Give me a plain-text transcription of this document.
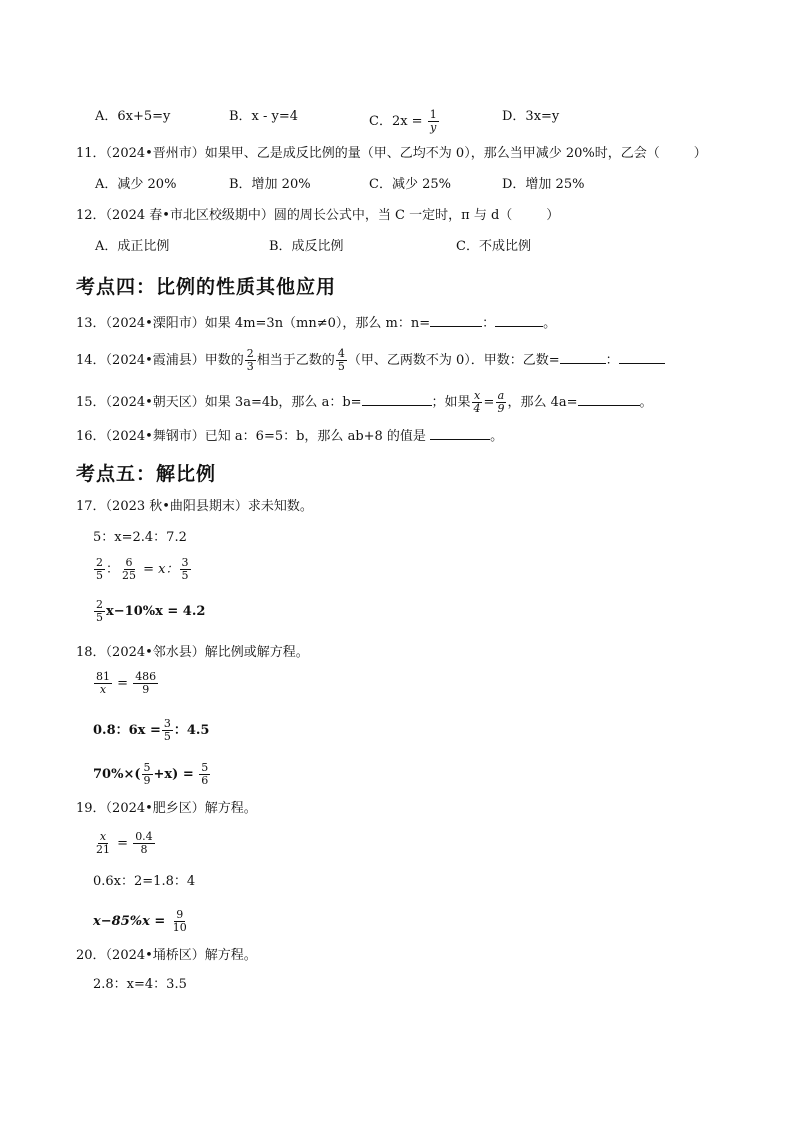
A．6x+5=y	B．x - y=4	C．$2x = \frac{1}{y}$	D．3x=y
11．（2024•晋州市）如果甲、乙是成反比例的量（甲、乙均不为 0），那么当甲减少 20%时，乙会（	）
A．减少 20%	B．增加 20%	C．减少 25%	D．增加 25%
12．（2024 春•市北区校级期中）圆的周长公式中，当 C 一定时，π 与 d（	）
A．成正比例	B．成反比例	C．不成比例
考点四：比例的性质其他应用
13．（2024•溧阳市）如果 4m=3n（mn≠0），那么 m：n=	：	。
14．（2024•霞浦县）甲数的 $\frac{2}{3}$ 相当于乙数的 $\frac{4}{5}$ （甲、乙两数不为 0）．甲数：乙数=	：
15．（2024•朝天区）如果 3a=4b，那么 a：b=	；如果 $\frac{x}{4} = \frac{a}{9}$ ，那么 4a=	。
16．（2024•舞钢市）已知 a：6=5：b，那么 ab+8 的值是	。
考点五：解比例
17．（2023 秋•曲阳县期末）求未知数。
5：x=2.4：7.2
$\frac{2}{5}$ ： $\frac{6}{25} = x$： $\frac{3}{5}$
$\frac{2}{5} x-10\%x = 4.2$
18．（2024•邻水县）解比例或解方程。
$\frac{81}{x} = \frac{486}{9}$
0.8：$6x = \frac{3}{5}$ ：4.5
$70\%\times( \frac{5}{9} +x) = \frac{5}{6}$
19．（2024•肥乡区）解方程。
$\frac{x}{21} = \frac{0.4}{8}$
0.6x：2=1.8：4
$x-85\%x = \frac{9}{10}$
20．（2024•埇桥区）解方程。
2.8：x=4：3.5
